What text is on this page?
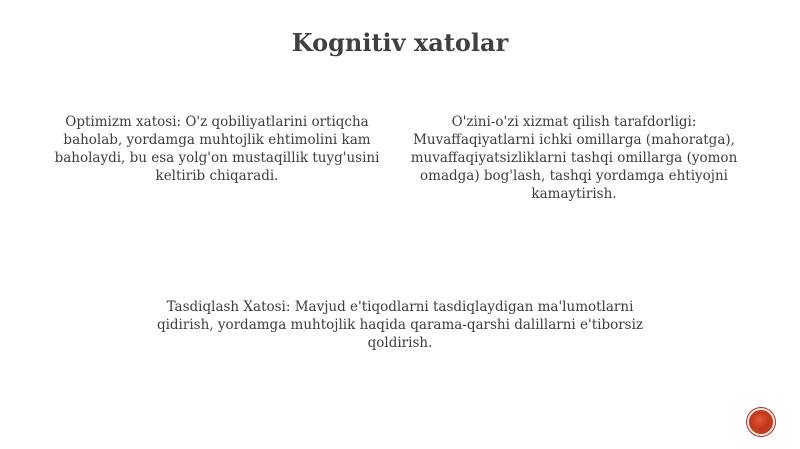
Kognitiv xatolar
Optimizm xatosi: O'z qobiliyatlarini ortiqcha baholab, yordamga muhtojlik ehtimolini kam baholaydi, bu esa yolg'on mustaqillik tuyg'usini keltirib chiqaradi.
O'zini-o'zi xizmat qilish tarafdorligi: Muvaffaqiyatlarni ichki omillarga (mahoratga), muvaffaqiyatsizliklarni tashqi omillarga (yomon omadga) bog'lash, tashqi yordamga ehtiyojni kamaytirish.
Tasdiqlash Xatosi: Mavjud e'tiqodlarni tasdiqlaydigan ma'lumotlarni qidirish, yordamga muhtojlik haqida qarama-qarshi dalillarni e'tiborsiz qoldirish.
